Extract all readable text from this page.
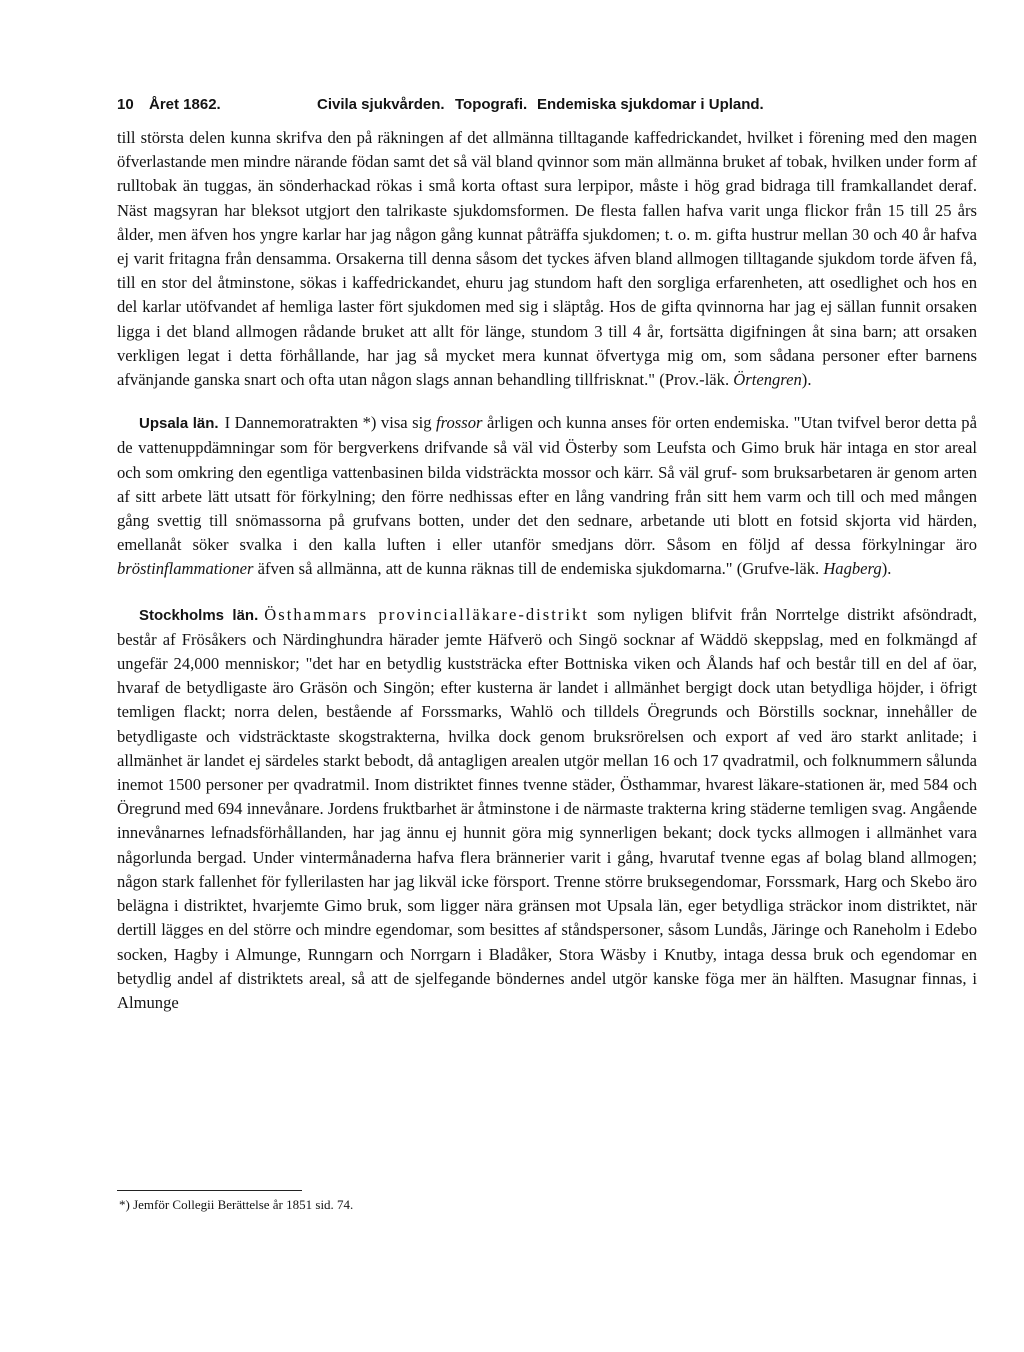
10 Året 1862.	Civila sjukvården. Topografi. Endemiska sjukdomar i Upland.

till största delen kunna skrifva den på räkningen af det allmänna tilltagande kaffedrickandet, hvilket i förening med den magen öfverlastande men mindre närande födan samt det så väl bland qvinnor som män allmänna bruket af tobak, hvilken under form af rulltobak än tuggas, än sönderhackad rökas i små korta oftast sura lerpipor, måste i hög grad bidraga till framkallandet deraf. Näst magsyran har bleksot utgjort den talrikaste sjukdomsformen. De flesta fallen hafva varit unga flickor från 15 till 25 års ålder, men äfven hos yngre karlar har jag någon gång kunnat påträffa sjukdomen; t. o. m. gifta hustrur mellan 30 och 40 år hafva ej varit fritagna från densamma. Orsakerna till denna såsom det tyckes äfven bland allmogen tilltagande sjukdom torde äfven få, till en stor del åtminstone, sökas i kaffedrickandet, ehuru jag stundom haft den sorgliga erfarenheten, att osedlighet och hos en del karlar utöfvandet af hemliga laster fört sjukdomen med sig i släptåg. Hos de gifta qvinnorna har jag ej sällan funnit orsaken ligga i det bland allmogen rådande bruket att allt för länge, stundom 3 till 4 år, fortsätta digifningen åt sina barn; att orsaken verkligen legat i detta förhållande, har jag så mycket mera kunnat öfvertyga mig om, som sådana personer efter barnens afvänjande ganska snart och ofta utan någon slags annan behandling tillfrisknat." (Prov.-läk. Örtengren).

Upsala län. I Dannemoratrakten *) visa sig frossor årligen och kunna anses för orten endemiska. "Utan tvifvel beror detta på de vattenuppdämningar som för bergverkens drifvande så väl vid Österby som Leufsta och Gimo bruk här intaga en stor areal och som omkring den egentliga vattenbasinen bilda vidsträckta mossor och kärr. Så väl gruf- som bruksarbetaren är genom arten af sitt arbete lätt utsatt för förkylning; den förre nedhissas efter en lång vandring från sitt hem varm och till och med mången gång svettig till snömassorna på grufvans botten, under det den sednare, arbetande uti blott en fotsid skjorta vid härden, emellanåt söker svalka i den kalla luften i eller utanför smedjans dörr. Såsom en följd af dessa förkylningar äro bröstinflammationer äfven så allmänna, att de kunna räknas till de endemiska sjukdomarna." (Grufve-läk. Hagberg).

Stockholms län. Östhammars provincialläkare-distrikt som nyligen blifvit från Norrtelge distrikt afsöndradt, består af Frösåkers och Närdinghundra härader jemte Häfverö och Singö socknar af Wäddö skeppslag, med en folkmängd af ungefär 24,000 menniskor; "det har en betydlig kuststräcka efter Bottniska viken och Ålands haf och består till en del af öar, hvaraf de betydligaste äro Gräsön och Singön; efter kusterna är landet i allmänhet bergigt dock utan betydliga höjder, i öfrigt temligen flackt; norra delen, bestående af Forssmarks, Wahlö och tilldels Öregrunds och Börstills socknar, innehåller de betydligaste och vidsträcktaste skogstrakterna, hvilka dock genom bruksrörelsen och export af ved äro starkt anlitade; i allmänhet är landet ej särdeles starkt bebodt, då antagligen arealen utgör mellan 16 och 17 qvadratmil, och folknummern sålunda inemot 1500 personer per qvadratmil. Inom distriktet finnes tvenne städer, Östhammar, hvarest läkare-stationen är, med 584 och Öregrund med 694 innevånare. Jordens fruktbarhet är åtminstone i de närmaste trakterna kring städerne temligen svag. Angående innevånarnes lefnadsförhållanden, har jag ännu ej hunnit göra mig synnerligen bekant; dock tycks allmogen i allmänhet vara någorlunda bergad. Under vintermånaderna hafva flera brännerier varit i gång, hvarutaf tvenne egas af bolag bland allmogen; någon stark fallenhet för fyllerilasten har jag likväl icke försport. Trenne större bruksegendomar, Forssmark, Harg och Skebo äro belägna i distriktet, hvarjemte Gimo bruk, som ligger nära gränsen mot Upsala län, eger betydliga sträckor inom distriktet, när dertill lägges en del större och mindre egendomar, som besittes af ståndspersoner, såsom Lundås, Järinge och Raneholm i Edebo socken, Hagby i Almunge, Runngarn och Norrgarn i Bladåker, Stora Wäsby i Knutby, intaga dessa bruk och egendomar en betydlig andel af distriktets areal, så att de sjelfegande böndernes andel utgör kanske föga mer än hälften. Masugnar finnas, i Almunge

*) Jemför Collegii Berättelse år 1851 sid. 74.
